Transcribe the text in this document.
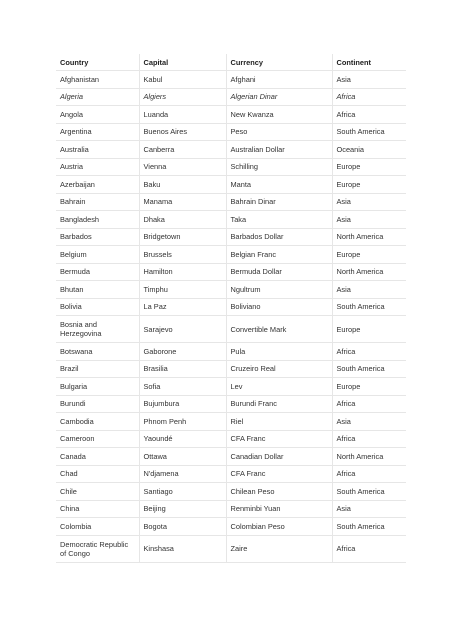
Country	Capital	Currency	Continent
Afghanistan	Kabul	Afghani	Asia
Algeria	Algiers	Algerian Dinar	Africa
Angola	Luanda	New Kwanza	Africa
Argentina	Buenos Aires	Peso	South America
Australia	Canberra	Australian Dollar	Oceania
Austria	Vienna	Schilling	Europe
Azerbaijan	Baku	Manta	Europe
Bahrain	Manama	Bahrain Dinar	Asia
Bangladesh	Dhaka	Taka	Asia
Barbados	Bridgetown	Barbados Dollar	North America
Belgium	Brussels	Belgian Franc	Europe
Bermuda	Hamilton	Bermuda Dollar	North America
Bhutan	Timphu	Ngultrum	Asia
Bolivia	La Paz	Boliviano	South America
Bosnia and Herzegovina	Sarajevo	Convertible Mark	Europe
Botswana	Gaborone	Pula	Africa
Brazil	Brasilia	Cruzeiro Real	South America
Bulgaria	Sofia	Lev	Europe
Burundi	Bujumbura	Burundi Franc	Africa
Cambodia	Phnom Penh	Riel	Asia
Cameroon	Yaoundé	CFA Franc	Africa
Canada	Ottawa	Canadian Dollar	North America
Chad	N'djamena	CFA Franc	Africa
Chile	Santiago	Chilean Peso	South America
China	Beijing	Renminbi Yuan	Asia
Colombia	Bogota	Colombian Peso	South America
Democratic Republic of Congo	Kinshasa	Zaire	Africa
